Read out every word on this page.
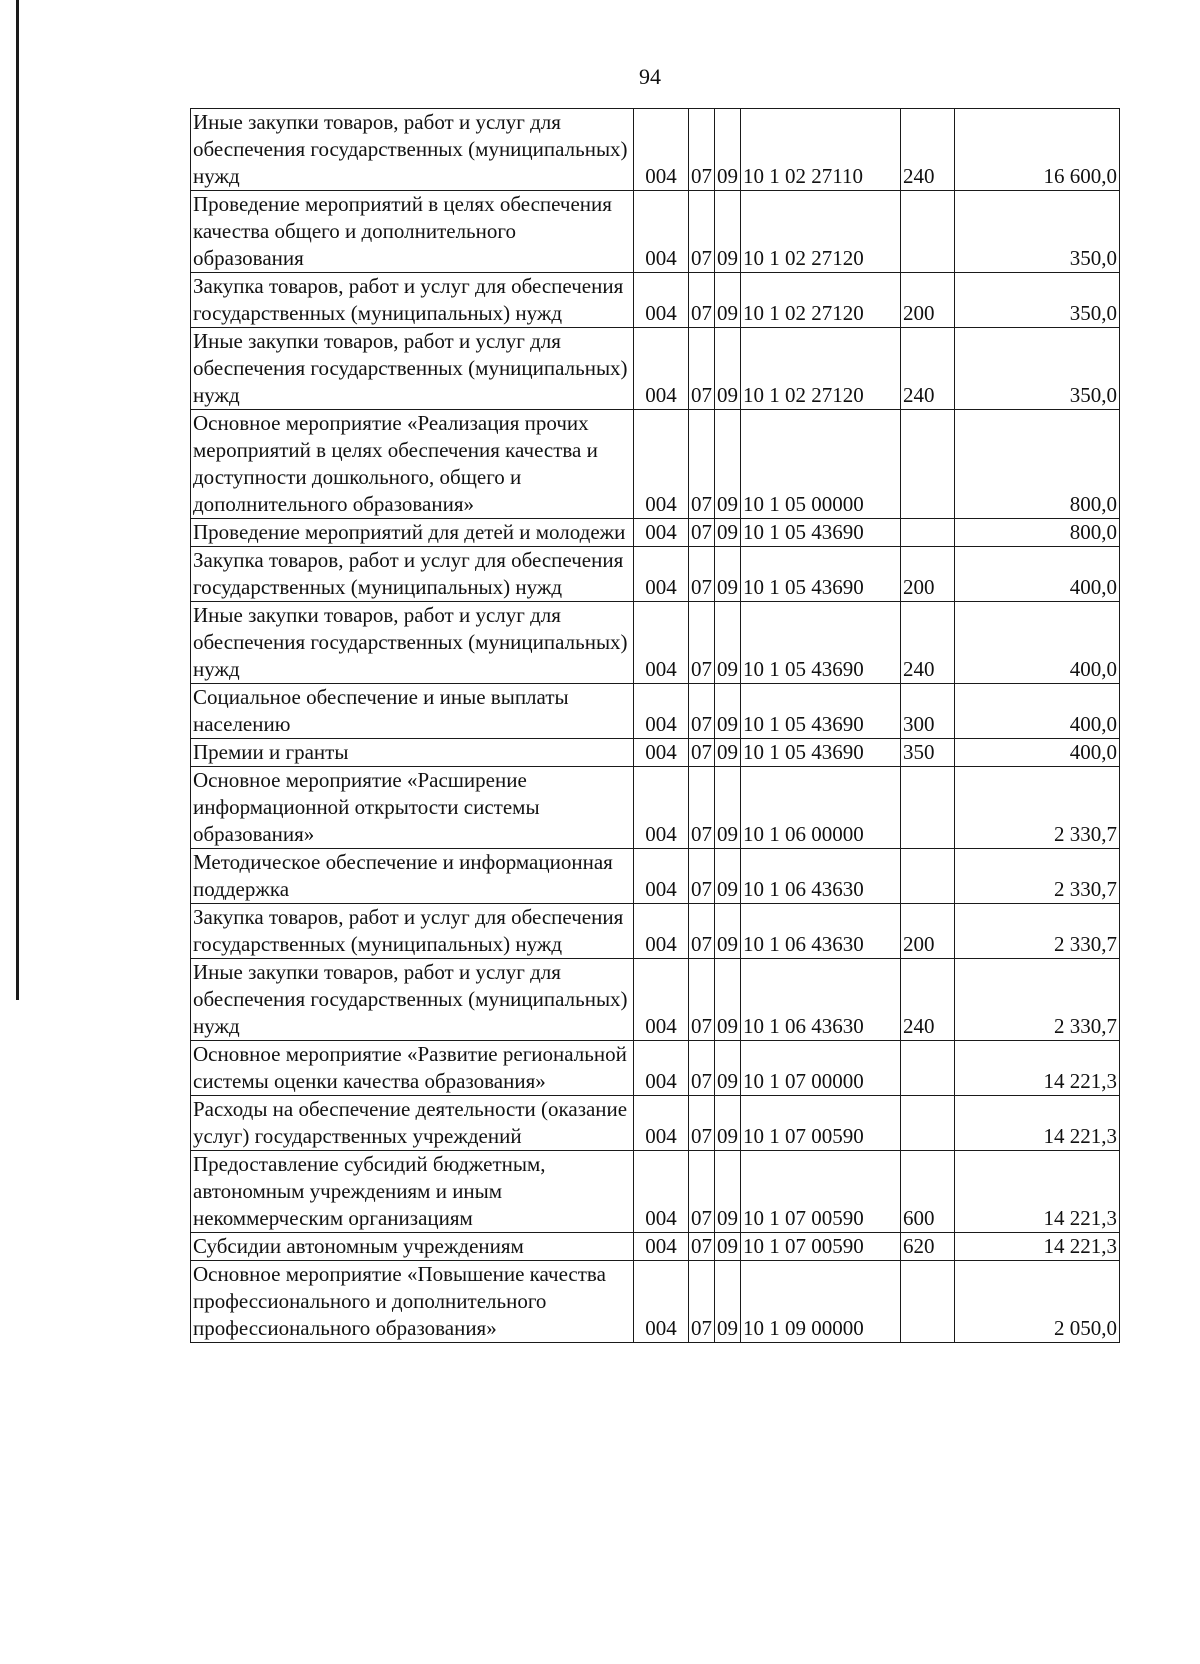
94
Иные закупки товаров, работ и услуг для обеспечения государственных (муниципальных) нужд	004	07	09	10 1 02 27110	240	16 600,0
Проведение мероприятий в целях обеспечения качества общего и дополнительного образования	004	07	09	10 1 02 27120		350,0
Закупка товаров, работ и услуг для обеспечения государственных (муниципальных) нужд	004	07	09	10 1 02 27120	200	350,0
Иные закупки товаров, работ и услуг для обеспечения государственных (муниципальных) нужд	004	07	09	10 1 02 27120	240	350,0
Основное мероприятие «Реализация прочих мероприятий в целях обеспечения качества и доступности дошкольного, общего и дополнительного образования»	004	07	09	10 1 05 00000		800,0
Проведение мероприятий для детей и молодежи	004	07	09	10 1 05 43690		800,0
Закупка товаров, работ и услуг для обеспечения государственных (муниципальных) нужд	004	07	09	10 1 05 43690	200	400,0
Иные закупки товаров, работ и услуг для обеспечения государственных (муниципальных) нужд	004	07	09	10 1 05 43690	240	400,0
Социальное обеспечение и иные выплаты населению	004	07	09	10 1 05 43690	300	400,0
Премии и гранты	004	07	09	10 1 05 43690	350	400,0
Основное мероприятие «Расширение информационной открытости системы образования»	004	07	09	10 1 06 00000		2 330,7
Методическое обеспечение и информационная поддержка	004	07	09	10 1 06 43630		2 330,7
Закупка товаров, работ и услуг для обеспечения государственных (муниципальных) нужд	004	07	09	10 1 06 43630	200	2 330,7
Иные закупки товаров, работ и услуг для обеспечения государственных (муниципальных) нужд	004	07	09	10 1 06 43630	240	2 330,7
Основное мероприятие «Развитие региональной системы оценки качества образования»	004	07	09	10 1 07 00000		14 221,3
Расходы на обеспечение деятельности (оказание услуг) государственных учреждений	004	07	09	10 1 07 00590		14 221,3
Предоставление субсидий бюджетным, автономным учреждениям и иным некоммерческим организациям	004	07	09	10 1 07 00590	600	14 221,3
Субсидии автономным учреждениям	004	07	09	10 1 07 00590	620	14 221,3
Основное мероприятие «Повышение качества профессионального и дополнительного профессионального образования»	004	07	09	10 1 09 00000		2 050,0
